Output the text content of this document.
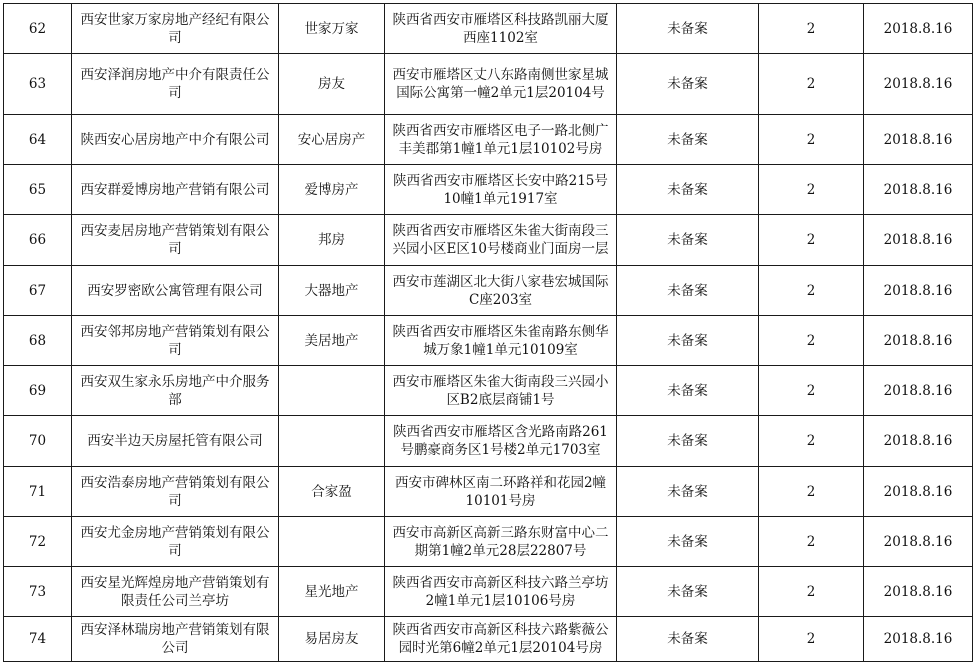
62	西安世家万家房地产经纪有限公司	世家万家	陕西省西安市雁塔区科技路凯丽大厦西座1102室	未备案	2	2018.8.16
63	西安泽润房地产中介有限责任公司	房友	西安市雁塔区丈八东路南侧世家星城国际公寓第一幢2单元1层20104号	未备案	2	2018.8.16
64	陕西安心居房地产中介有限公司	安心居房产	陕西省西安市雁塔区电子一路北侧广丰美郡第1幢1单元1层10102号房	未备案	2	2018.8.16
65	西安群爱博房地产营销有限公司	爱博房产	陕西省西安市雁塔区长安中路215号10幢1单元1917室	未备案	2	2018.8.16
66	西安麦居房地产营销策划有限公司	邦房	陕西省西安市雁塔区朱雀大街南段三兴园小区E区10号楼商业门面房一层	未备案	2	2018.8.16
67	西安罗密欧公寓管理有限公司	大器地产	西安市莲湖区北大街八家巷宏城国际C座203室	未备案	2	2018.8.16
68	西安邻邦房地产营销策划有限公司	美居地产	陕西省西安市雁塔区朱雀南路东侧华城万象1幢1单元10109室	未备案	2	2018.8.16
69	西安双生家永乐房地产中介服务部		西安市雁塔区朱雀大街南段三兴园小区B2底层商铺1号	未备案	2	2018.8.16
70	西安半边天房屋托管有限公司		陕西省西安市雁塔区含光路南路261号鹏豪商务区1号楼2单元1703室	未备案	2	2018.8.16
71	西安浩泰房地产营销策划有限公司	合家盈	西安市碑林区南二环路祥和花园2幢10101号房	未备案	2	2018.8.16
72	西安尤金房地产营销策划有限公司		西安市高新区高新三路东财富中心二期第1幢2单元28层22807号	未备案	2	2018.8.16
73	西安星光辉煌房地产营销策划有限责任公司兰亭坊	星光地产	陕西省西安市高新区科技六路兰亭坊2幢1单元1层10106号房	未备案	2	2018.8.16
74	西安泽林瑞房地产营销策划有限公司	易居房友	陕西省西安市高新区科技六路紫薇公园时光第6幢2单元1层20104号房	未备案	2	2018.8.16
